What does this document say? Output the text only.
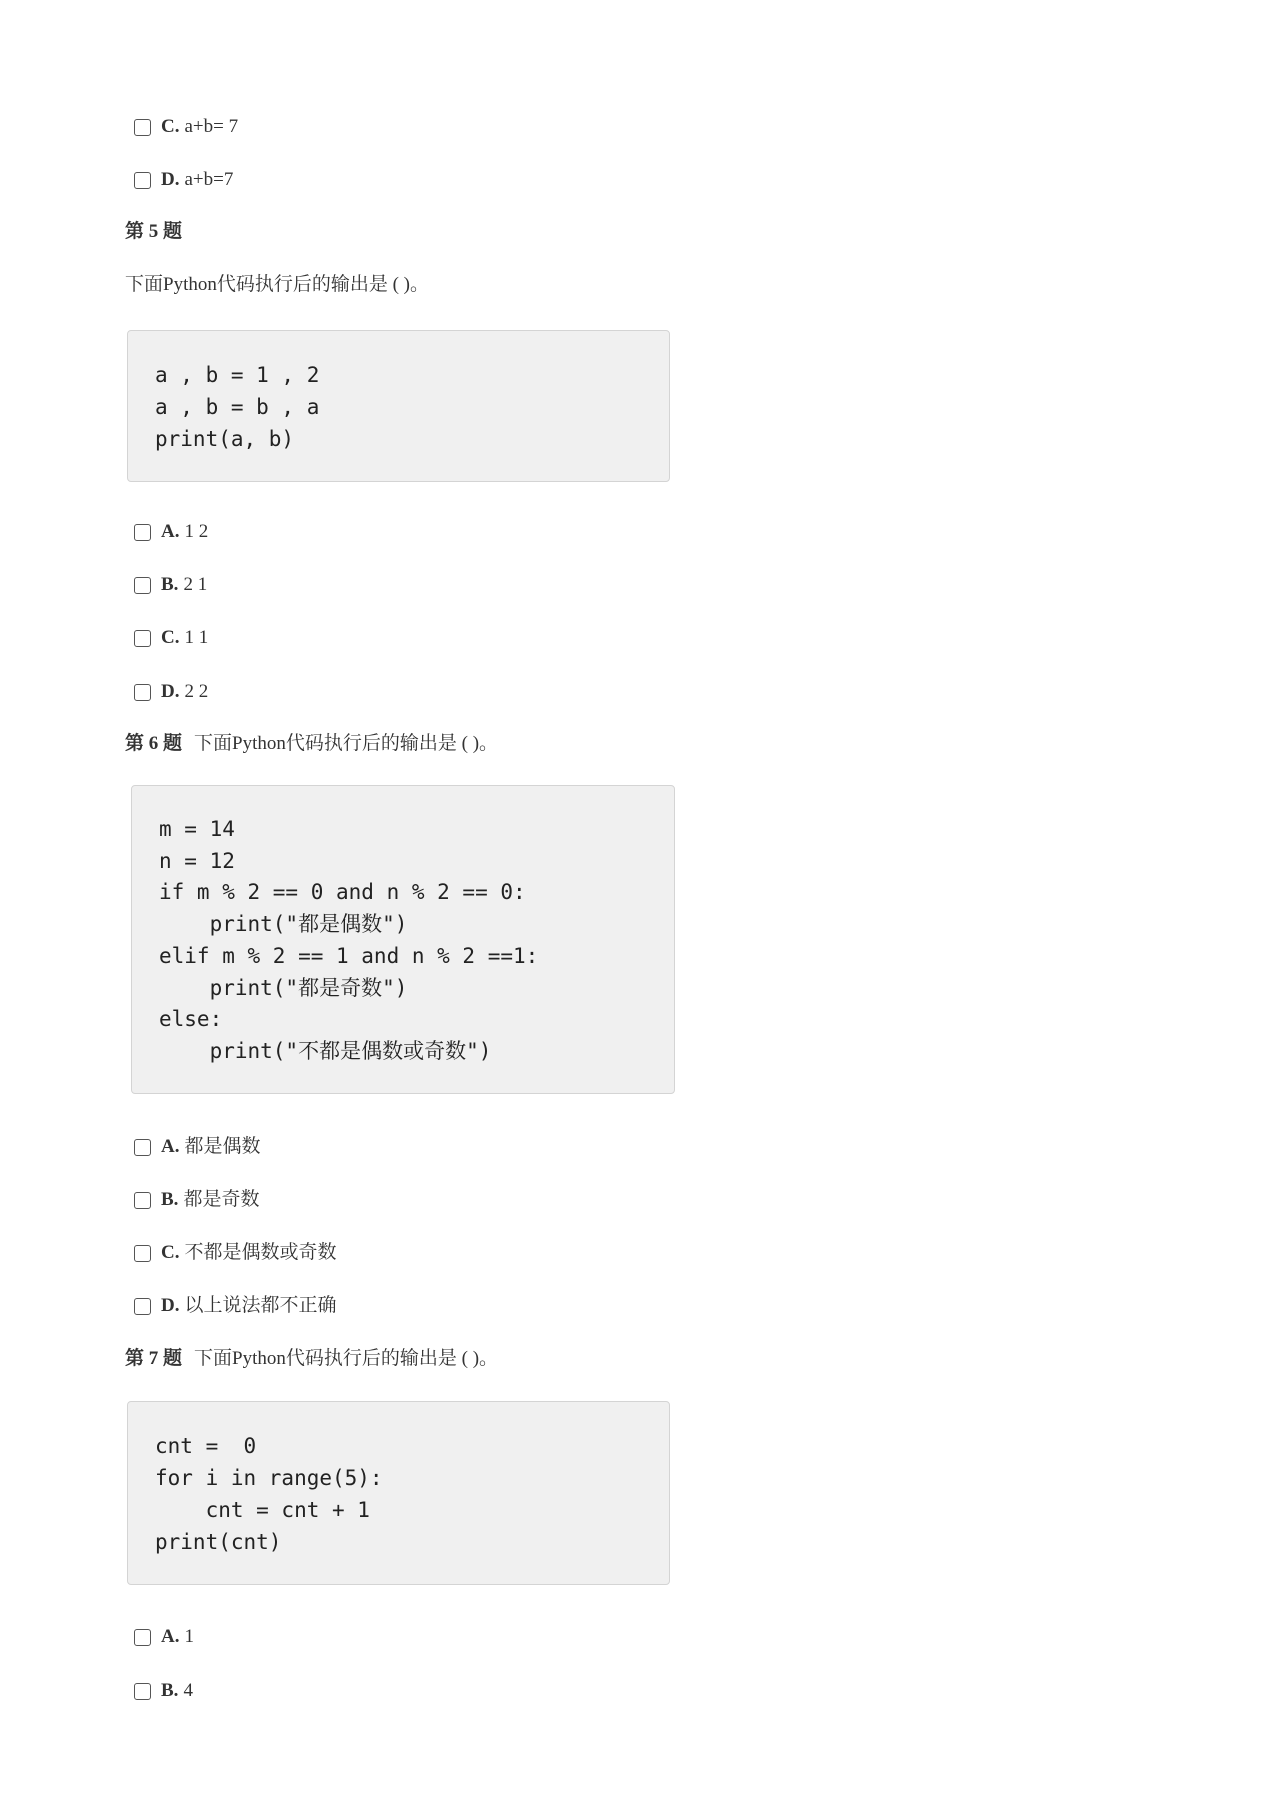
C. a+b= 7
D. a+b=7
第 5 题
下面Python代码执行后的输出是 ( )。
a , b = 1 , 2
a , b = b , a
print(a, b)
A. 1 2
B. 2 1
C. 1 1
D. 2 2
第 6 题 下面Python代码执行后的输出是 ( )。
m = 14
n = 12
if m % 2 == 0 and n % 2 == 0:
print("都是偶数")
elif m % 2 == 1 and n % 2 ==1:
print("都是奇数")
else:
print("不都是偶数或奇数")
A. 都是偶数
B. 都是奇数
C. 不都是偶数或奇数
D. 以上说法都不正确
第 7 题 下面Python代码执行后的输出是 ( )。
cnt =  0
for i in range(5):
cnt = cnt + 1
print(cnt)
A. 1
B. 4
